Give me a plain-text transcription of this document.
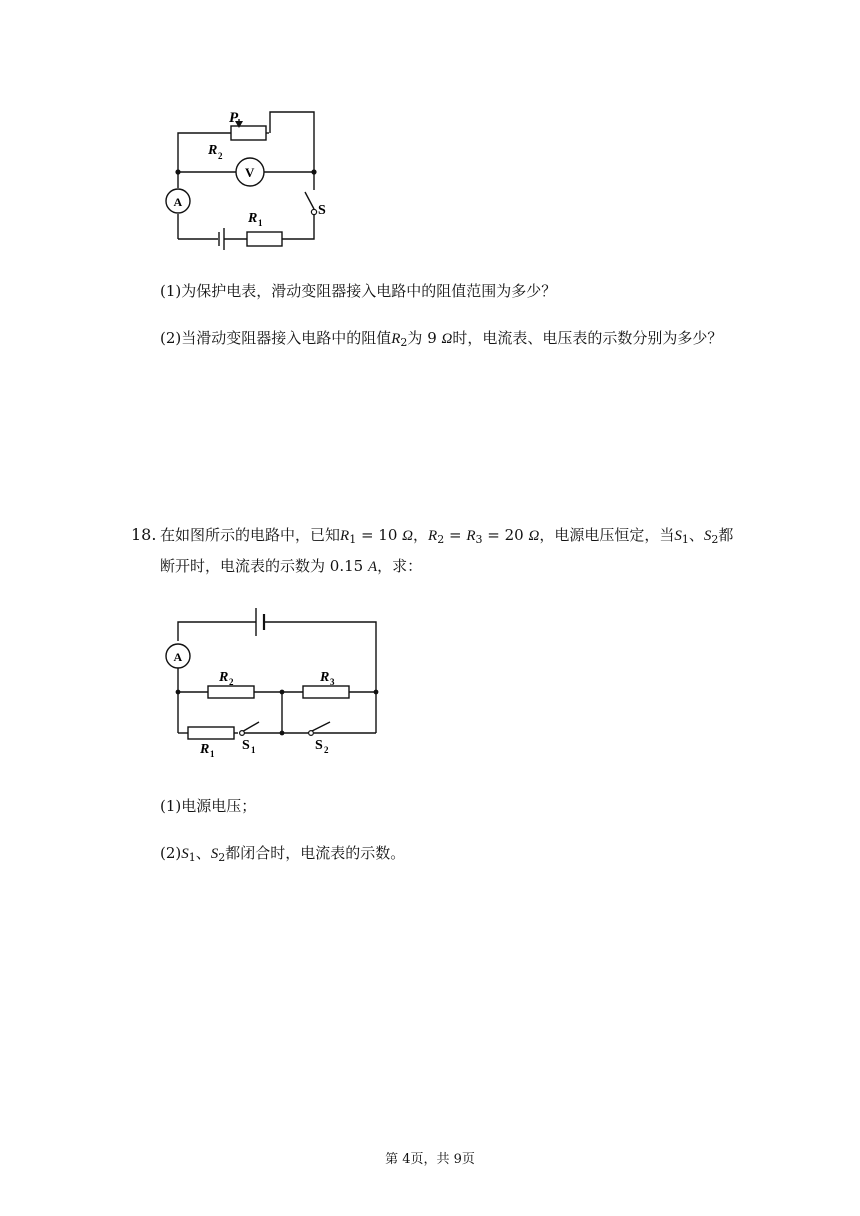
P
R 2
V
A
S
R 1
(1)为保护电表，滑动变阻器接入电路中的阻值范围为多少？
(2)当滑动变阻器接入电路中的阻值$R_2$为 9 Ω时，电流表、电压表的示数分别为多少？
18. 在如图所示的电路中，已知$R_1 = 10$ Ω，$R_2 = R_3 = 20$ Ω，电源电压恒定，当$S_1$、$S_2$都
断开时，电流表的示数为 0.15 A，求：
A
R 2	R 3
R 1
S 1	S 2
(1)电源电压；
$(2)S_1$、$S_2$都闭合时，电流表的示数。
第 4页，共 9页
